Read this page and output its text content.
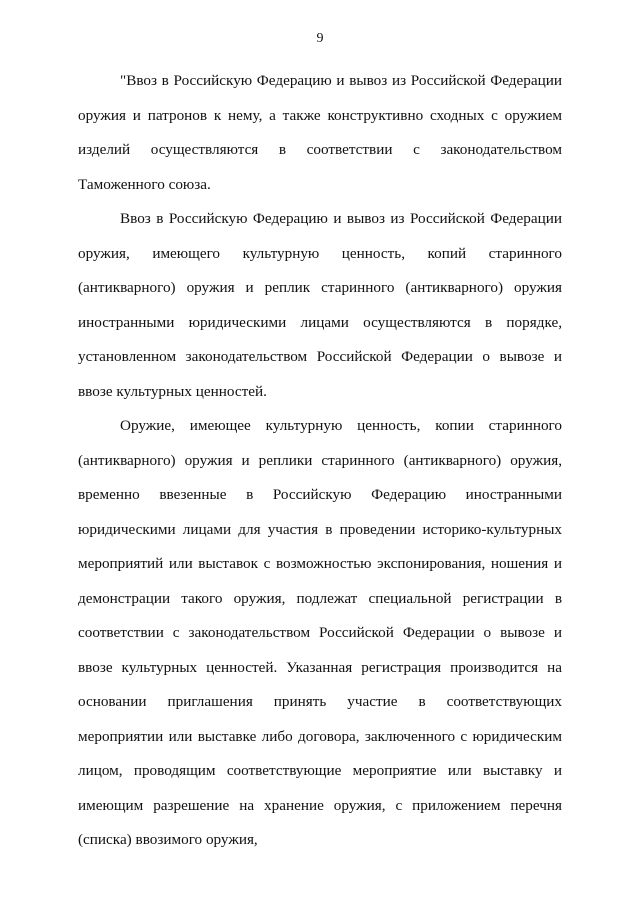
9

"Ввоз в Российскую Федерацию и вывоз из Российской Федерации оружия и патронов к нему, а также конструктивно сходных с оружием изделий осуществляются в соответствии с законодательством Таможенного союза.

Ввоз в Российскую Федерацию и вывоз из Российской Федерации оружия, имеющего культурную ценность, копий старинного (антикварного) оружия и реплик старинного (антикварного) оружия иностранными юридическими лицами осуществляются в порядке, установленном законодательством Российской Федерации о вывозе и ввозе культурных ценностей.

Оружие, имеющее культурную ценность, копии старинного (антикварного) оружия и реплики старинного (антикварного) оружия, временно ввезенные в Российскую Федерацию иностранными юридическими лицами для участия в проведении историко-культурных мероприятий или выставок с возможностью экспонирования, ношения и демонстрации такого оружия, подлежат специальной регистрации в соответствии с законодательством Российской Федерации о вывозе и ввозе культурных ценностей. Указанная регистрация производится на основании приглашения принять участие в соответствующих мероприятии или выставке либо договора, заключенного с юридическим лицом, проводящим соответствующие мероприятие или выставку и имеющим разрешение на хранение оружия, с приложением перечня (списка) ввозимого оружия,
